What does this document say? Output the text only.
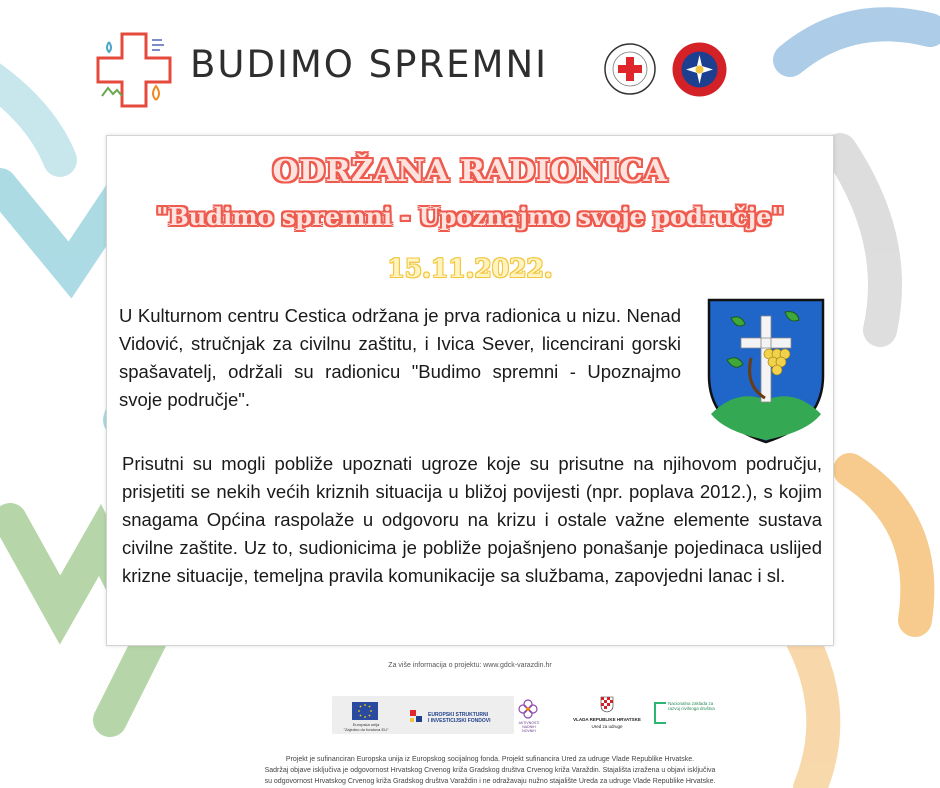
BUDIMO SPREMNI
ODRŽANA RADIONICA
"Budimo spremni - Upoznajmo svoje područje"
15.11.2022.

U Kulturnom centru Cestica održana je prva radionica u nizu. Nenad Vidović, stručnjak za civilnu zaštitu, i Ivica Sever, licencirani gorski spašavatelj, održali su radionicu "Budimo spremni - Upoznajmo svoje područje".

Prisutni su mogli pobliže upoznati ugroze koje su prisutne na njihovom području, prisjetiti se nekih većih kriznih situacija u bližoj povijesti (npr. poplava 2012.), s kojim snagama Općina raspolaže u odgovoru na krizu i ostale važne elemente sustava civilne zaštite. Uz to, sudionicima je pobliže pojašnjeno ponašanje pojedinaca uslijed krizne situacije, temeljna pravila komunikacije sa službama, zapovjedni lanac i sl.

Za više informacija o projektu: www.gdck-varazdin.hr
Europska unija
"Zajedno do fondova EU"
EUROPSKI STRUKTURNI
I INVESTICIJSKI FONDOVI	AKTIVNOSTI
NADNIH
NOVNIH
VLADA REPUBLIKE HRVATSKE
Ured za udruge
Nacionalna zaklada za razvoj civilnoga društva
Projekt je sufinanciran Europska unija iz Europskog socijalnog fonda. Projekt sufinancira Ured za udruge Vlade Republike Hrvatske.
Sadržaj objave isključiva je odgovornost Hrvatskog Crvenog križa Gradskog društva Crvenog križa Varaždin. Stajališta izražena u objavi isključiva
su odgovornost Hrvatskog Crvenog križa Gradskog društva Varaždin i ne odražavaju nužno stajalište Ureda za udruge Vlade Republike Hrvatske.
